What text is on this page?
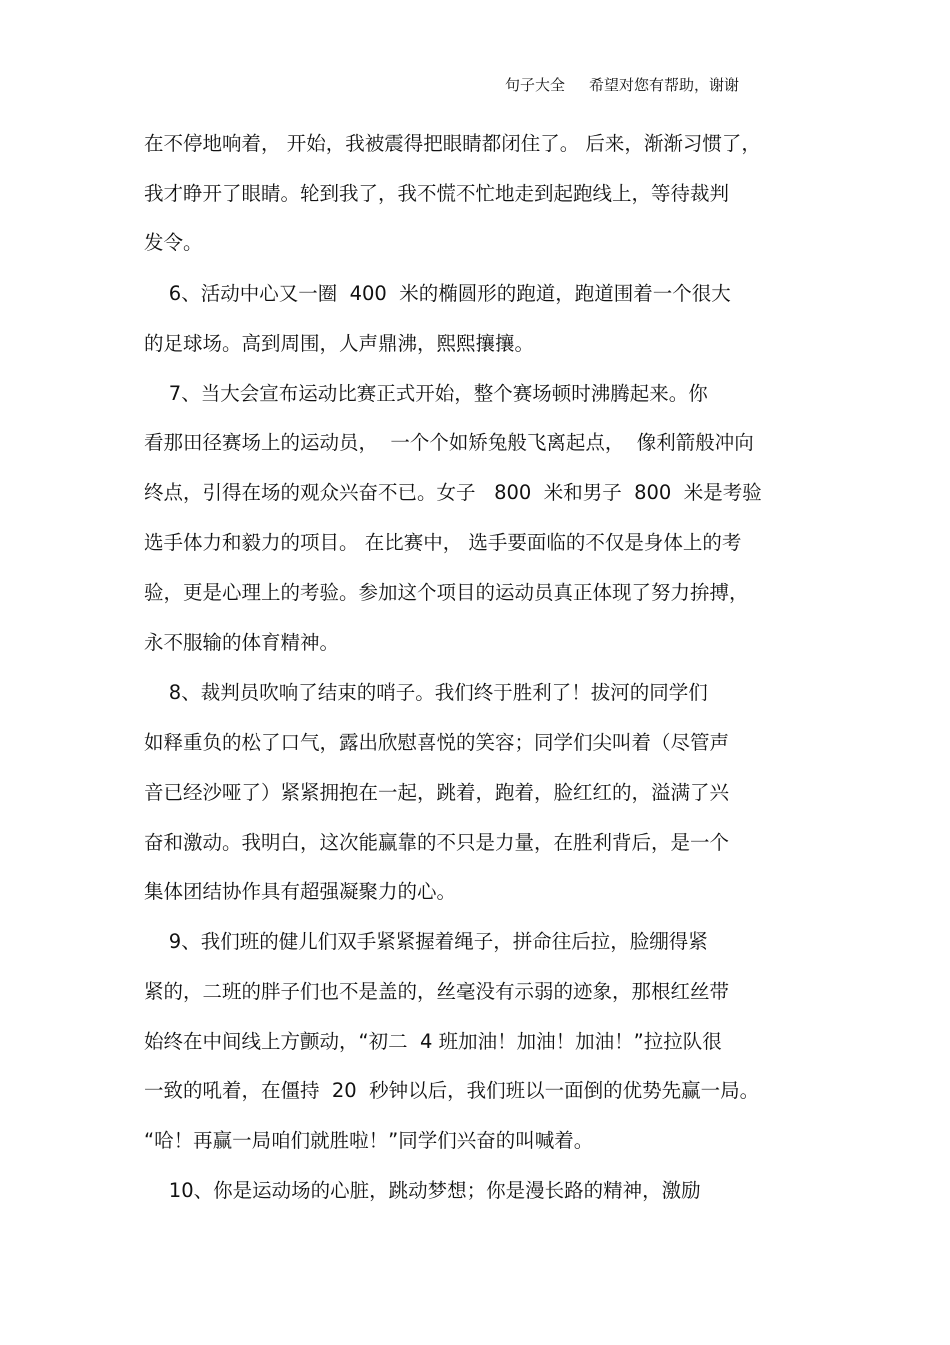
句子大全 希望对您有帮助，谢谢
在不停地响着， 开始，我被震得把眼睛都闭住了。 后来，渐渐习惯了，
我才睁开了眼睛。轮到我了，我不慌不忙地走到起跑线上，等待裁判
发令。
6、活动中心又一圈  400  米的椭圆形的跑道，跑道围着一个很大
的足球场。高到周围，人声鼎沸，熙熙攘攘。
7、当大会宣布运动比赛正式开始，整个赛场顿时沸腾起来。你
看那田径赛场上的运动员，  一个个如矫兔般飞离起点，  像利箭般冲向
终点，引得在场的观众兴奋不已。女子   800  米和男子  800  米是考验
选手体力和毅力的项目。 在比赛中， 选手要面临的不仅是身体上的考
验，更是心理上的考验。参加这个项目的运动员真正体现了努力拚搏，
永不服输的体育精神。
8、裁判员吹响了结束的哨子。我们终于胜利了！拔河的同学们
如释重负的松了口气，露出欣慰喜悦的笑容；同学们尖叫着（尽管声
音已经沙哑了）紧紧拥抱在一起，跳着，跑着，脸红红的，溢满了兴
奋和激动。我明白，这次能赢靠的不只是力量，在胜利背后，是一个
集体团结协作具有超强凝聚力的心。
9、我们班的健儿们双手紧紧握着绳子，拼命往后拉，脸绷得紧
紧的，二班的胖子们也不是盖的，丝毫没有示弱的迹象，那根红丝带
始终在中间线上方颤动，“初二  4 班加油！加油！加油！”拉拉队很
一致的吼着，在僵持  20  秒钟以后，我们班以一面倒的优势先赢一局。
“哈！再赢一局咱们就胜啦！”同学们兴奋的叫喊着。
10、你是运动场的心脏，跳动梦想；你是漫长路的精神，激励
